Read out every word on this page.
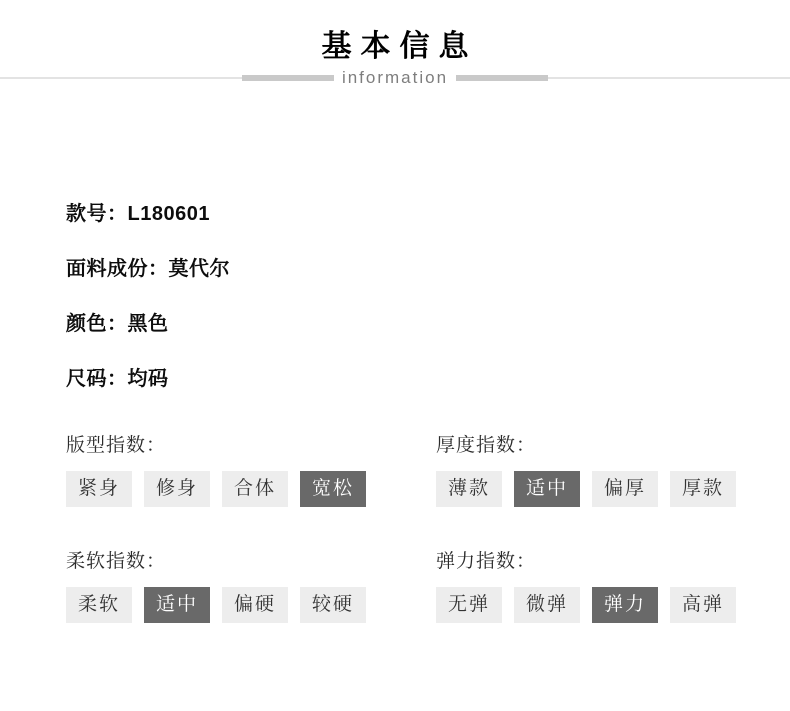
基本信息
information
款号：L180601
面料成份：莫代尔
颜色：黑色
尺码：均码
版型指数：
紧身	修身	合体	宽松
厚度指数：
薄款	适中	偏厚	厚款
柔软指数：
柔软	适中	偏硬	较硬
弹力指数：
无弹	微弹	弹力	高弹
